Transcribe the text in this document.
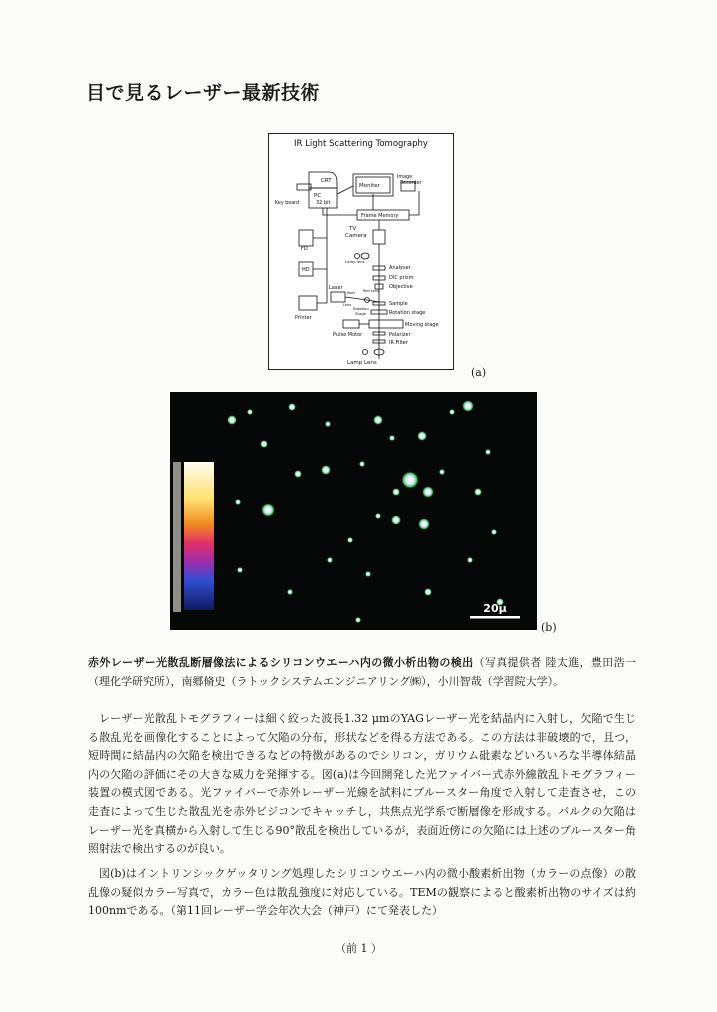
目で見るレーザー最新技術
IR Light Scattering Tomography
CRT
PC
32 bit
Key board
Moniter
Image
Recorder
Frame Memory
TV
Camera
FD
HD
Lamp lens
Analyser
DIC prism
Objective
Laser
fiber Red Lens
Lens	Sample
Rotation
Stage	Rotation stage
Printer
Moving stage
Pulse Motor	Polarizer
IR Filter
Lamp Lens
(a)
20μ
(b)
赤外レーザー光散乱断層像法によるシリコンウエーハ内の微小析出物の検出（写真提供者 陸太進，豊田浩一（理化学研究所），南郷脩史（ラトックシステムエンジニアリング㈱），小川智哉（学習院大学）。
レーザー光散乱トモグラフィーは細く絞った波長1.32 μmのYAGレーザー光を結晶内に入射し，欠陥で生じる散乱光を画像化することによって欠陥の分布，形状などを得る方法である。この方法は非破壊的で，且つ，短時間に結晶内の欠陥を検出できるなどの特徴があるのでシリコン，ガリウム砒素などいろいろな半導体結晶内の欠陥の評価にその大きな威力を発揮する。図(a)は今回開発した光ファイバー式赤外線散乱トモグラフィー装置の模式図である。光ファイバーで赤外レーザー光線を試料にブルースター角度で入射して走査させ，この走査によって生じた散乱光を赤外ビジコンでキャッチし，共焦点光学系で断層像を形成する。バルクの欠陥はレーザー光を真横から入射して生じる90°散乱を検出しているが，表面近傍にの欠陥には上述のブルースター角照射法で検出するのが良い。
図(b)はイントリンシックゲッタリング処理したシリコンウエーハ内の微小酸素析出物（カラーの点像）の散乱像の疑似カラー写真で，カラー色は散乱強度に対応している。TEMの観察によると酸素析出物のサイズは約100nmである。（第11回レーザー学会年次大会（神戸）にて発表した）
（前 1 ）
